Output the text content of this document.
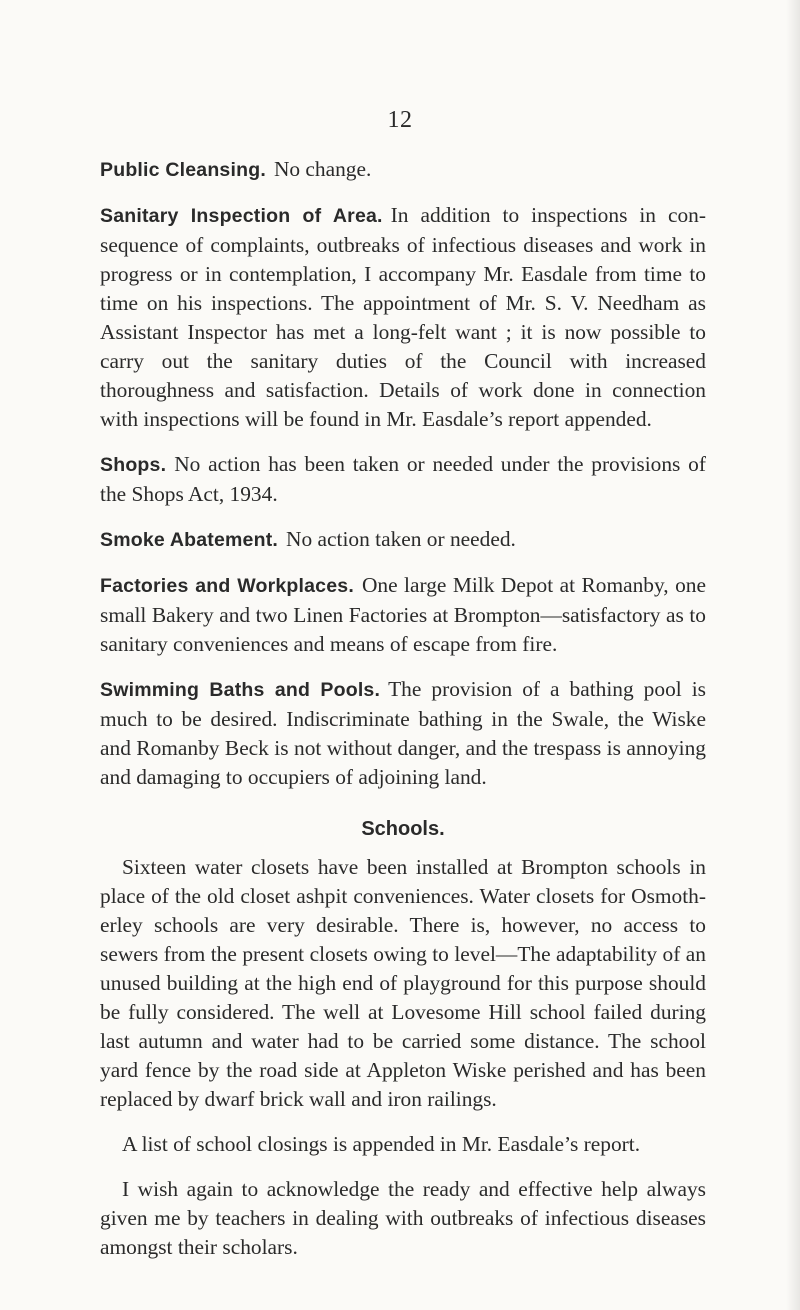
12

Public Cleansing. No change.

Sanitary Inspection of Area. In addition to inspections in consequence of complaints, outbreaks of infectious diseases and work in progress or in contemplation, I accompany Mr. Easdale from time to time on his inspections. The appointment of Mr. S. V. Needham as Assistant Inspector has met a long-felt want ; it is now possible to carry out the sanitary duties of the Council with increased thoroughness and satisfaction. Details of work done in connection with inspections will be found in Mr. Easdale’s report appended.

Shops. No action has been taken or needed under the provisions of the Shops Act, 1934.

Smoke Abatement. No action taken or needed.

Factories and Workplaces. One large Milk Depot at Romanby, one small Bakery and two Linen Factories at Brompton—satisfactory as to sanitary conveniences and means of escape from fire.

Swimming Baths and Pools. The provision of a bathing pool is much to be desired. Indiscriminate bathing in the Swale, the Wiske and Romanby Beck is not without danger, and the trespass is annoying and damaging to occupiers of adjoining land.

Schools.

Sixteen water closets have been installed at Brompton schools in place of the old closet ashpit conveniences. Water closets for Osmotherley schools are very desirable. There is, however, no access to sewers from the present closets owing to level—The adaptability of an unused building at the high end of playground for this purpose should be fully considered. The well at Lovesome Hill school failed during last autumn and water had to be carried some distance. The school yard fence by the road side at Appleton Wiske perished and has been replaced by dwarf brick wall and iron railings.

A list of school closings is appended in Mr. Easdale’s report.

I wish again to acknowledge the ready and effective help always given me by teachers in dealing with outbreaks of infectious diseases amongst their scholars.
